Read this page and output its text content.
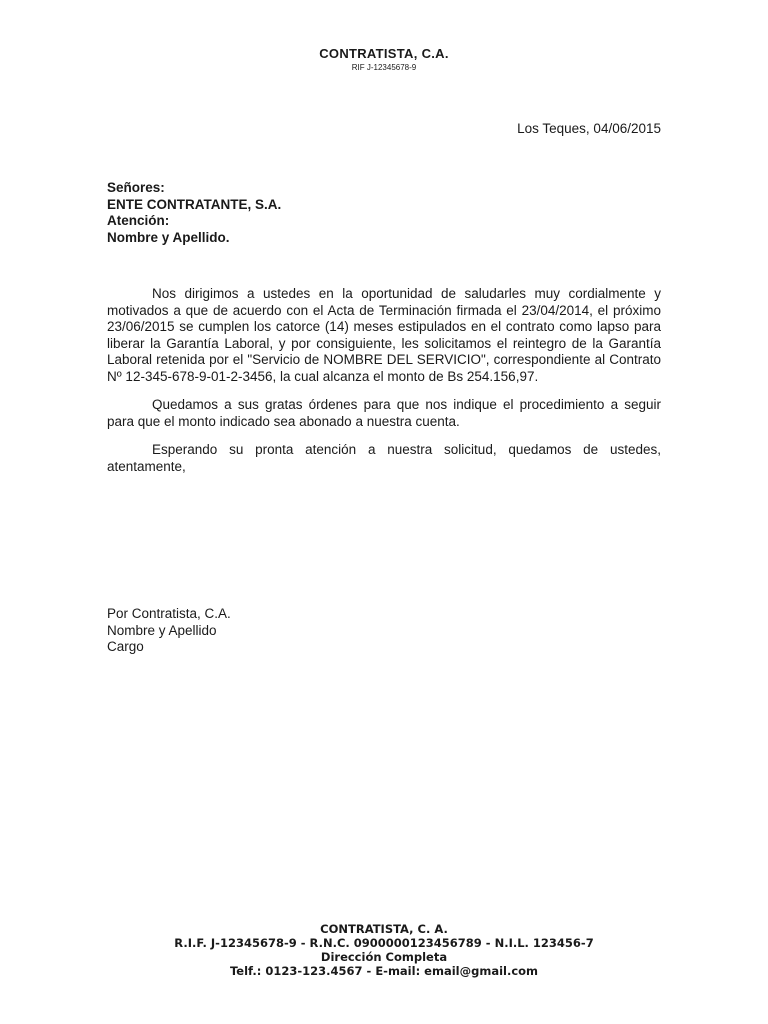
CONTRATISTA, C.A.
RIF J-12345678-9
Los Teques, 04/06/2015
Señores:
ENTE CONTRATANTE, S.A.
Atención:
Nombre y Apellido.

Nos dirigimos a ustedes en la oportunidad de saludarles muy cordialmente y motivados a que de acuerdo con el Acta de Terminación firmada el 23/04/2014, el próximo 23/06/2015 se cumplen los catorce (14) meses estipulados en el contrato como lapso para liberar la Garantía Laboral, y por consiguiente, les solicitamos el reintegro de la Garantía Laboral retenida por el "Servicio de NOMBRE DEL SERVICIO", correspondiente al Contrato Nº 12-345-678-9-01-2-3456, la cual alcanza el monto de Bs 254.156,97.

Quedamos a sus gratas órdenes para que nos indique el procedimiento a seguir para que el monto indicado sea abonado a nuestra cuenta.

Esperando su pronta atención a nuestra solicitud, quedamos de ustedes, atentamente,

Por Contratista, C.A.
Nombre y Apellido
Cargo
CONTRATISTA, C. A.
R.I.F. J-12345678-9 - R.N.C. 0900000123456789 - N.I.L. 123456-7
Dirección Completa
Telf.: 0123-123.4567 - E-mail: email@gmail.com
